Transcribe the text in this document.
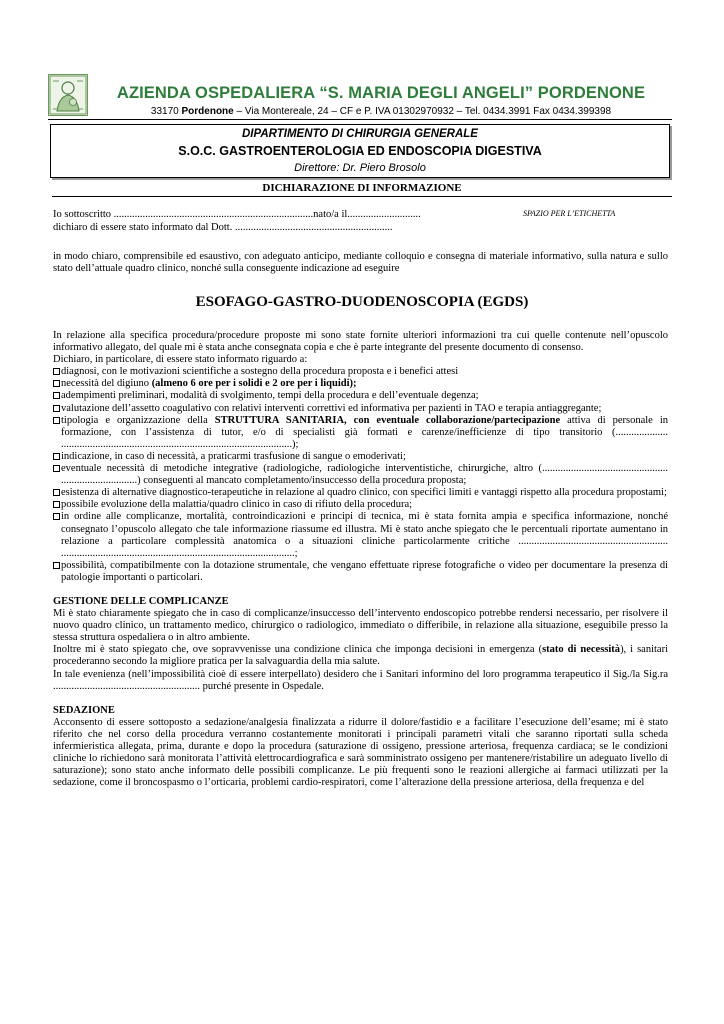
AZIENDA OSPEDALIERA “S. MARIA DEGLI ANGELI” PORDENONE
33170 Pordenone – Via Montereale, 24 – CF e P. IVA 01302970932 – Tel. 0434.3991 Fax 0434.399398
DIPARTIMENTO DI CHIRURGIA GENERALE
S.O.C. GASTROENTEROLOGIA ED ENDOSCOPIA DIGESTIVA
Direttore: Dr. Piero Brosolo
DICHIARAZIONE DI INFORMAZIONE
SPAZIO PER L’ETICHETTA
Io sottoscritto ............................................................................nato/a il............................
dichiaro di essere stato informato dal Dott. ............................................................
in modo chiaro, comprensibile ed esaustivo, con adeguato anticipo, mediante colloquio e consegna di materiale informativo, sulla natura e sullo stato dell’attuale quadro clinico, nonché sulla conseguente indicazione ad eseguire
ESOFAGO-GASTRO-DUODENOSCOPIA (EGDS)
In relazione alla specifica procedura/procedure proposte mi sono state fornite ulteriori informazioni tra cui quelle contenute nell’opuscolo informativo allegato, del quale mi è stata anche consegnata copia e che è parte integrante del presente documento di consenso.
Dichiaro, in particolare, di essere stato informato riguardo a:
diagnosi, con le motivazioni scientifiche a sostegno della procedura proposta e i benefici attesi
necessità del digiuno (almeno 6 ore per i solidi e 2 ore per i liquidi);
adempimenti preliminari, modalità di svolgimento, tempi della procedura e dell’eventuale degenza;
valutazione dell’assetto coagulativo con relativi interventi correttivi ed informativa per pazienti in TAO e terapia antiaggregante;
tipologia e organizzazione della STRUTTURA SANITARIA, con eventuale collaborazione/partecipazione attiva di personale in formazione, con l’assistenza di tutor, e/o di specialisti già formati e carenze/inefficienze di tipo transitorio (.................... ........................................................................................);
indicazione, in caso di necessità, a praticarmi trasfusione di sangue o emoderivati;
eventuale necessità di metodiche integrative (radiologiche, radiologiche interventistiche, chirurgiche, altro (................................................ .............................) conseguenti al mancato completamento/insuccesso della procedura proposta;
esistenza di alternative diagnostico-terapeutiche in relazione al quadro clinico, con specifici limiti e vantaggi rispetto alla procedura propostami;
possibile evoluzione della malattia/quadro clinico in caso di rifiuto della procedura;
in ordine alle complicanze, mortalità, controindicazioni e principi di tecnica, mi è stata fornita ampia e specifica informazione, nonché consegnato l’opuscolo allegato che tale informazione riassume ed illustra. Mi è stato anche spiegato che le percentuali riportate aumentano in relazione a particolare complessità anatomica o a situazioni cliniche particolarmente critiche ......................................................... .........................................................................................;
possibilità, compatibilmente con la dotazione strumentale, che vengano effettuate riprese fotografiche o video per documentare la presenza di patologie importanti o particolari.
GESTIONE DELLE COMPLICANZE
Mi è stato chiaramente spiegato che in caso di complicanze/insuccesso dell’intervento endoscopico potrebbe rendersi necessario, per risolvere il nuovo quadro clinico, un trattamento medico, chirurgico o radiologico, immediato o differibile, in relazione alla situazione, eseguibile presso la stessa struttura ospedaliera o in altro ambiente.
Inoltre mi è stato spiegato che, ove sopravvenisse una condizione clinica che imponga decisioni in emergenza (stato di necessità), i sanitari procederanno secondo la migliore pratica per la salvaguardia della mia salute.
In tale evenienza (nell’impossibilità cioè di essere interpellato) desidero che i Sanitari informino del loro programma terapeutico il Sig./la Sig.ra ........................................................ purché presente in Ospedale.
SEDAZIONE
Acconsento di essere sottoposto a sedazione/analgesia finalizzata a ridurre il dolore/fastidio e a facilitare l’esecuzione dell’esame; mi è stato riferito che nel corso della procedura verranno costantemente monitorati i principali parametri vitali che saranno riportati sulla scheda infermieristica allegata, prima, durante e dopo la procedura (saturazione di ossigeno, pressione arteriosa, frequenza cardiaca; se le condizioni cliniche lo richiedono sarà monitorata l’attività elettrocardiografica e sarà somministrato ossigeno per mantenere/ristabilire un adeguato livello di saturazione); sono stato anche informato delle possibili complicanze. Le più frequenti sono le reazioni allergiche ai farmaci utilizzati per la sedazione, come il broncospasmo o l’orticaria, problemi cardio-respiratori, come l’alterazione della pressione arteriosa, della frequenza e del
